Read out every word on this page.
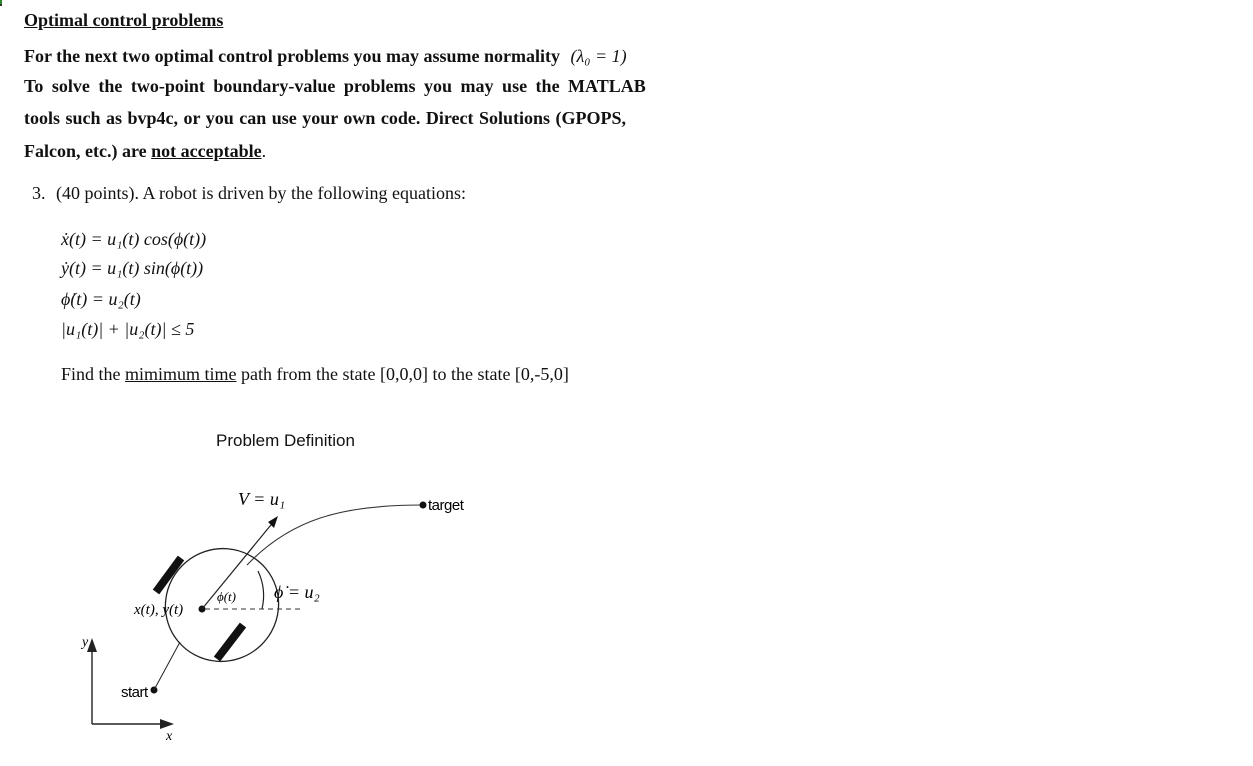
Optimal control problems
For the next two optimal control problems you may assume normality (λ₀ = 1)
To solve the two-point boundary-value problems you may use the MATLAB
tools such as bvp4c, or you can use your own code. Direct Solutions (GPOPS,
Falcon, etc.) are not acceptable.
3. (40 points). A robot is driven by the following equations:
ẋ(t) = u₁(t) cos(ϕ(t))
ẏ(t) = u₁(t) sin(ϕ(t))
ϕ̇(t) = u₂(t)
|u₁(t)| + |u₂(t)| ≤ 5
Find the mimimum time path from the state [0,0,0] to the state [0,-5,0]
Problem Definition
y
x
start
x(t), y(t)
ϕ(t) ϕ̇ = u₂
target
V = u₁
